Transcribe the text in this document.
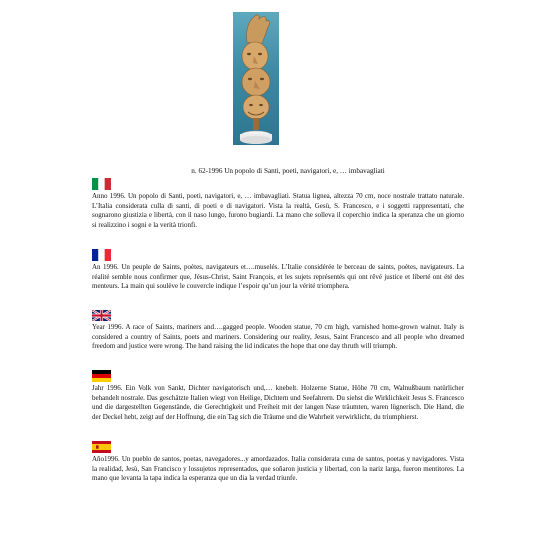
n. 62-1996 Un popolo di Santi, poeti, navigatori, e, … imbavagliati

Anno 1996. Un popolo di Santi, poeti, navigatori, e, … imbavagliati. Statua lignea, altezza 70 cm, noce nostrale trattato naturale. L’Italia considerata culla di santi, di poeti e di navigatori. Vista la realtà, Gesù, S. Francesco, e i soggetti rappresentati, che sognarono giustizia e libertà, con il naso lungo, furono bugiardi. La mano che solleva il coperchio indica la speranza che un giorno si realizzino i sogni e la verità trionfi.

An 1996. Un peuple de Saints, poètes, navigateurs et….muselés. L’Italie considérée le berceau de saints, poètes, navigateurs. La réalité semble nous confirmer que, Jésus-Christ, Saint François, et les sujets représentés qui ont rêvé justice et liberté ont été des menteurs. La main qui soulève le couvercle indique l’espoir qu’un jour la vérité triomphera.

Year 1996. A race of Saints, mariners and….gagged people. Wooden statue, 70 cm high, varnished home-grown walnut. Italy is considered a country of Saints, poets and mariners. Considering our reality, Jesus, Saint Francesco and all people who dreamed freedom and justice were wrong. The hand raising the lid indicates the hope that one day thruth will triumph.

Jahr 1996. Ein Volk von Sankt, Dichter navigatorisch und,… knebelt. Holzerne Statue, Höhe 70 cm, Walnußbaum natürlicher behandelt nostrale. Das geschätzte Italien wiegt von Heilige, Dichtern und Seefahrern. Du siehst die Wirklichkeit Jesus S. Francesco und die dargestellten Gegenstände, die Gerechtigkeit und Freiheit mit der langen Nase träumten, waren lügnerisch. Die Hand, die der Deckel hebt, zeigt auf der Hoffnung, die ein Tag sich die Träume und die Wahrheit verwirklicht, du triumphierst.

Año1996. Un pueblo de santos, poetas, navegadores...y amordazados. Italia considerata cuna de santos, poetas y navigadores. Vista la realidad, Jesù, San Francisco y lossujetos representados, que soñaron justicia y libertad, con la nariz larga, fueron mentitores. La mano que levanta la tapa indica la esperanza que un dia la verdad triunfe.
